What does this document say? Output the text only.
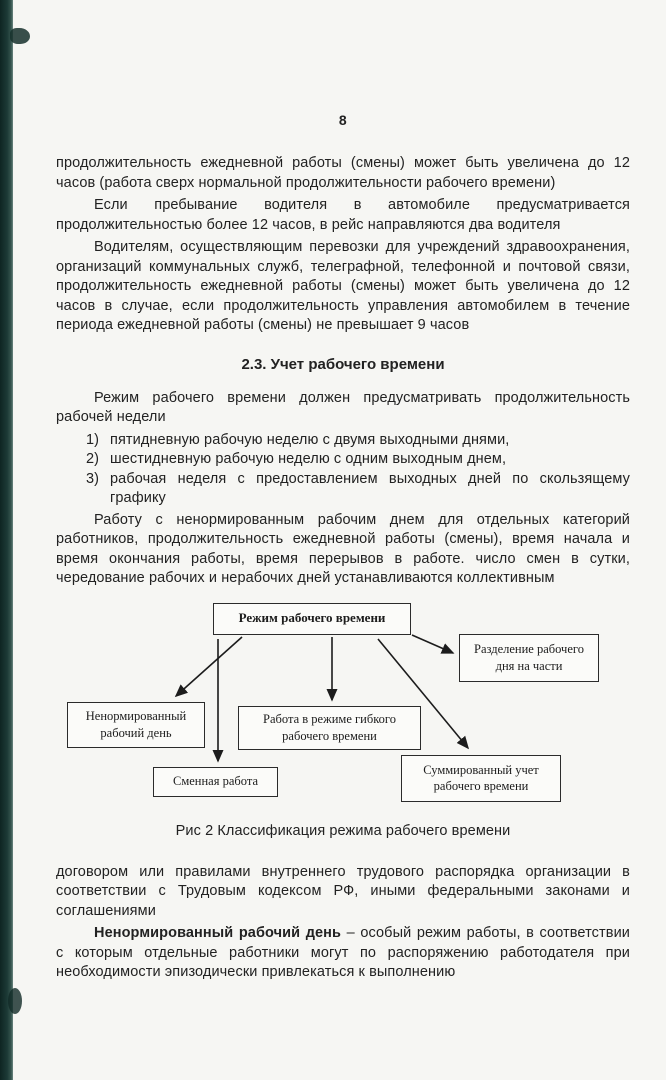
8

продолжительность ежедневной работы (смены) может быть увеличена до 12 часов (работа сверх нормальной продолжительности рабочего времени)

Если пребывание водителя в автомобиле предусматривается продолжительностью более 12 часов, в рейс направляются два водителя

Водителям, осуществляющим перевозки для учреждений здравоохранения, организаций коммунальных служб, телеграфной, телефонной и почтовой связи, продолжительность ежедневной работы (смены) может быть увеличена до 12 часов в случае, если продолжительность управления автомобилем в течение периода ежедневной работы (смены) не превышает 9 часов

2.3. Учет рабочего времени

Режим рабочего времени должен предусматривать продолжительность рабочей недели

1) пятидневную рабочую неделю с двумя выходными днями,
2) шестидневную рабочую неделю с одним выходным днем,
3) рабочая неделя с предоставлением выходных дней по скользящему графику

Работу с ненормированным рабочим днем для отдельных категорий работников, продолжительность ежедневной работы (смены), время начала и время окончания работы, время перерывов в работе. число смен в сутки, чередование рабочих и нерабочих дней устанавливаются коллективным

Режим рабочего времени
Разделение рабочего дня на части
Ненормированный рабочий день
Работа в режиме гибкого рабочего времени
Сменная работа
Суммированный учет рабочего времени
Рис 2 Классификация режима рабочего времени

договором или правилами внутреннего трудового распорядка организации в соответствии с Трудовым кодексом РФ, иными федеральными законами и соглашениями

Ненормированный рабочий день – особый режим работы, в соответствии с которым отдельные работники могут по распоряжению работодателя при необходимости эпизодически привлекаться к выполнению
